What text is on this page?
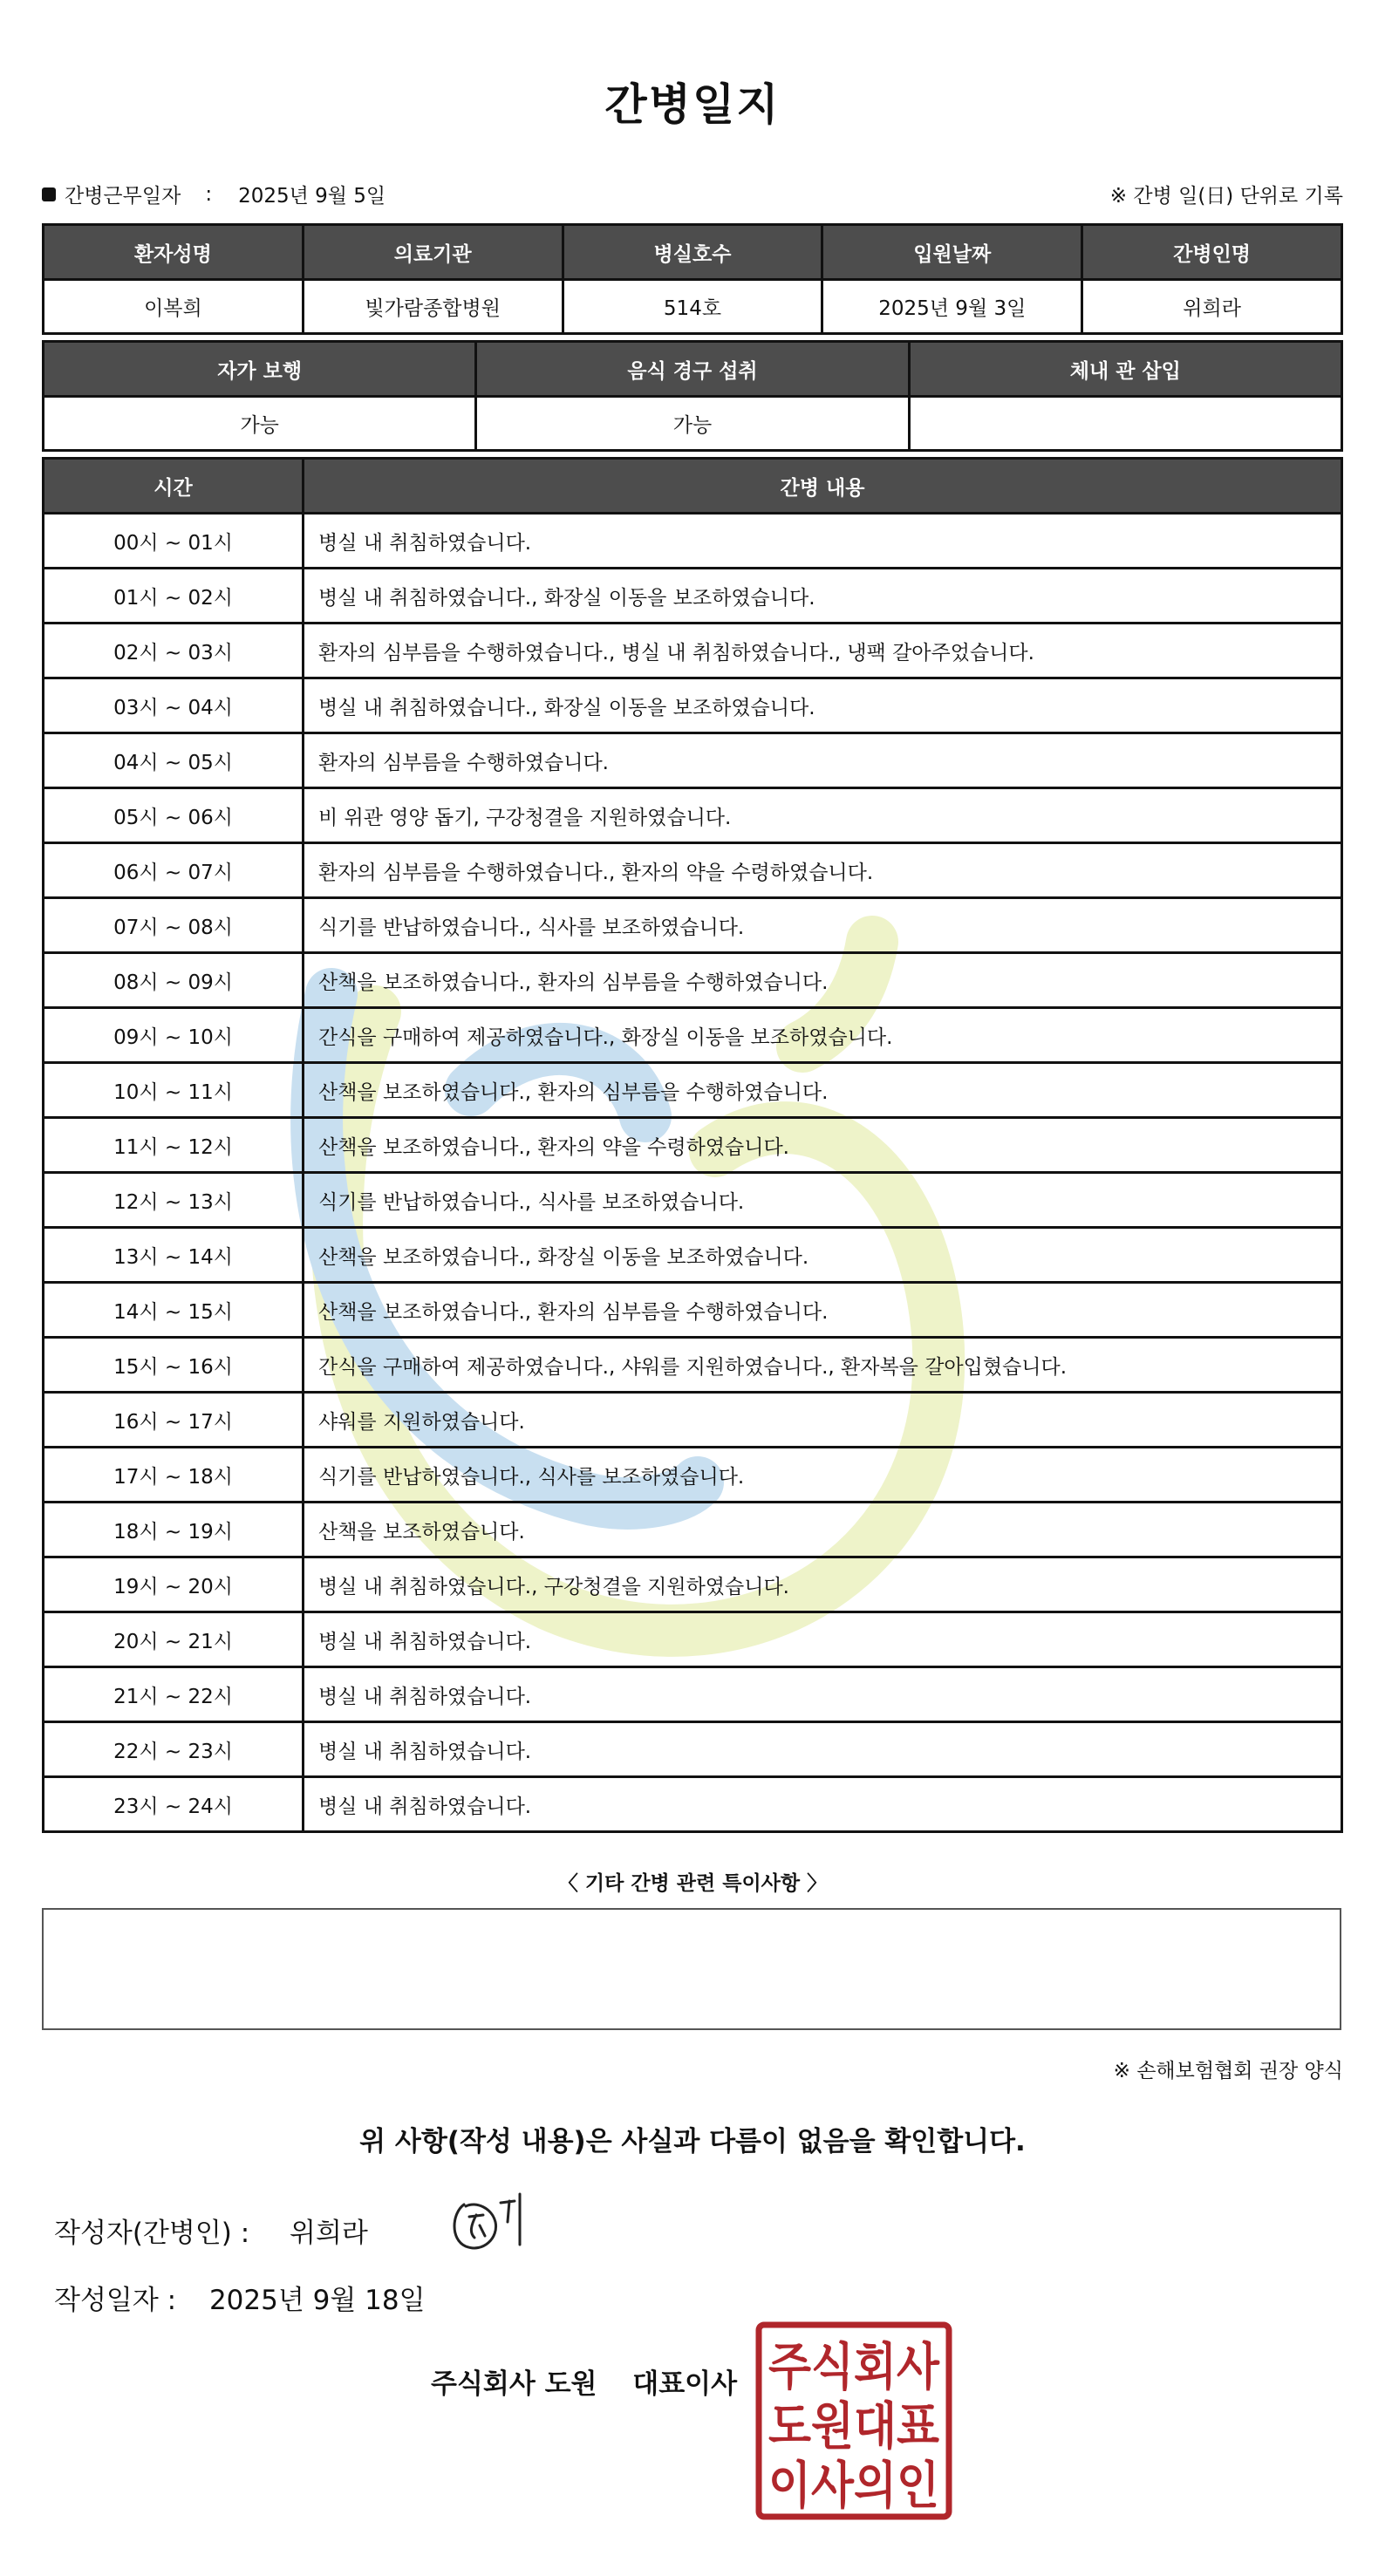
간병일지
간병근무일자 : 2025년 9월 5일	※ 간병 일(日) 단위로 기록
환자성명	의료기관	병실호수	입원날짜	간병인명
이복희	빛가람종합병원	514호	2025년 9월 3일	위희라
자가 보행	음식 경구 섭취	체내 관 삽입
가능	가능	
시간	간병 내용
00시 ~ 01시	병실 내 취침하였습니다.
01시 ~ 02시	병실 내 취침하였습니다., 화장실 이동을 보조하였습니다.
02시 ~ 03시	환자의 심부름을 수행하였습니다., 병실 내 취침하였습니다., 냉팩 갈아주었습니다.
03시 ~ 04시	병실 내 취침하였습니다., 화장실 이동을 보조하였습니다.
04시 ~ 05시	환자의 심부름을 수행하였습니다.
05시 ~ 06시	비 위관 영양 돕기, 구강청결을 지원하였습니다.
06시 ~ 07시	환자의 심부름을 수행하였습니다., 환자의 약을 수령하였습니다.
07시 ~ 08시	식기를 반납하였습니다., 식사를 보조하였습니다.
08시 ~ 09시	산책을 보조하였습니다., 환자의 심부름을 수행하였습니다.
09시 ~ 10시	간식을 구매하여 제공하였습니다., 화장실 이동을 보조하였습니다.
10시 ~ 11시	산책을 보조하였습니다., 환자의 심부름을 수행하였습니다.
11시 ~ 12시	산책을 보조하였습니다., 환자의 약을 수령하였습니다.
12시 ~ 13시	식기를 반납하였습니다., 식사를 보조하였습니다.
13시 ~ 14시	산책을 보조하였습니다., 화장실 이동을 보조하였습니다.
14시 ~ 15시	산책을 보조하였습니다., 환자의 심부름을 수행하였습니다.
15시 ~ 16시	간식을 구매하여 제공하였습니다., 샤워를 지원하였습니다., 환자복을 갈아입혔습니다.
16시 ~ 17시	샤워를 지원하였습니다.
17시 ~ 18시	식기를 반납하였습니다., 식사를 보조하였습니다.
18시 ~ 19시	산책을 보조하였습니다.
19시 ~ 20시	병실 내 취침하였습니다., 구강청결을 지원하였습니다.
20시 ~ 21시	병실 내 취침하였습니다.
21시 ~ 22시	병실 내 취침하였습니다.
22시 ~ 23시	병실 내 취침하였습니다.
23시 ~ 24시	병실 내 취침하였습니다.
〈 기타 간병 관련 특이사항 〉
※ 손해보험협회 권장 양식
위 사항(작성 내용)은 사실과 다름이 없음을 확인합니다.
작성자(간병인) : 위희라
작성일자 : 2025년 9월 18일
주식회사 도원 대표이사 주식회사
도원대표
이사의인
